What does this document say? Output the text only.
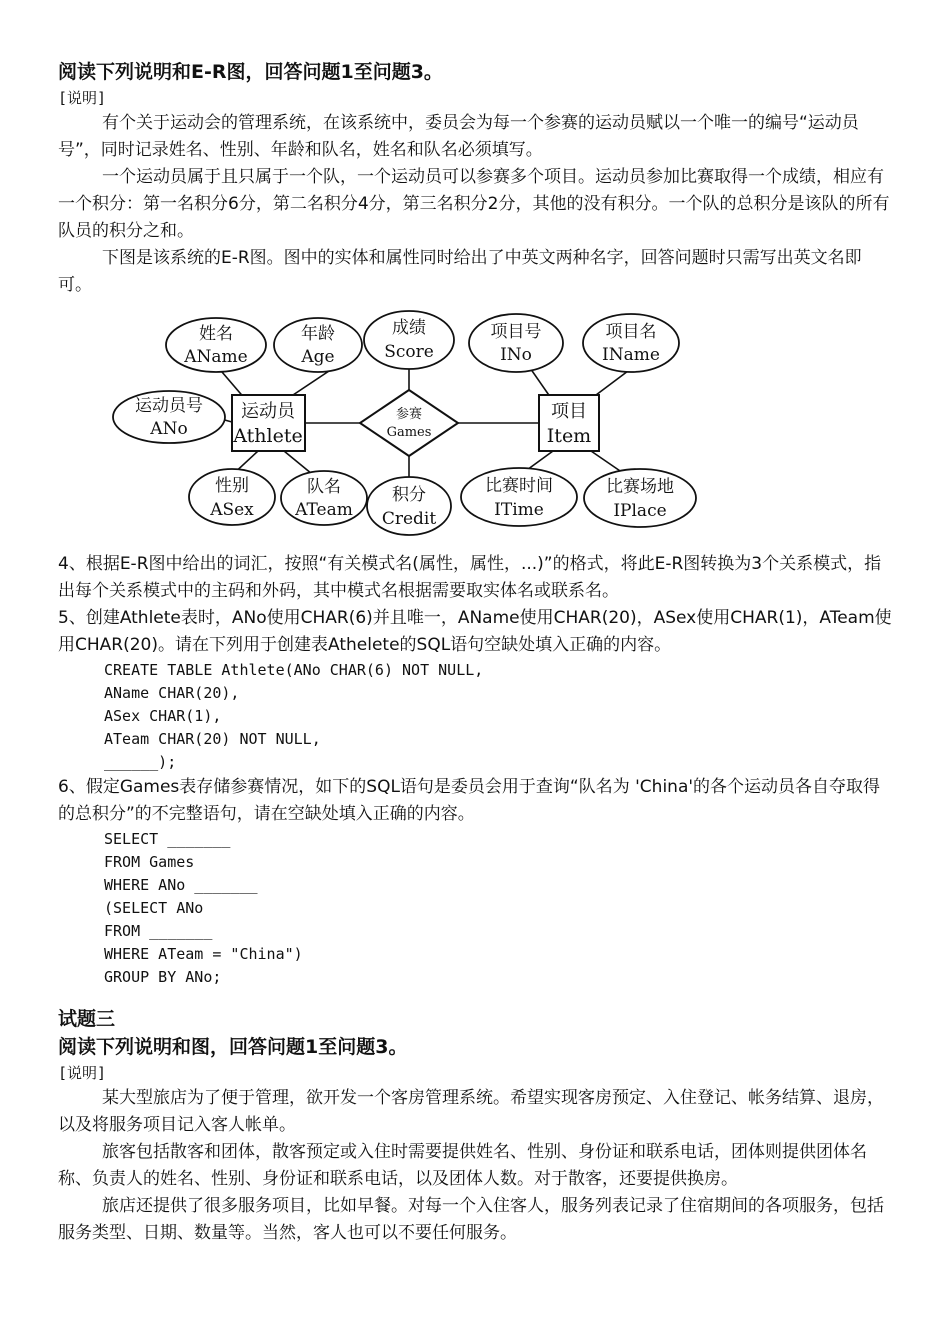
阅读下列说明和E-R图，回答问题1至问题3。

[说明]

有个关于运动会的管理系统，在该系统中，委员会为每一个参赛的运动员赋以一个唯一的编号“运动员号”，同时记录姓名、性别、年龄和队名，姓名和队名必须填写。

一个运动员属于且只属于一个队，一个运动员可以参赛多个项目。运动员参加比赛取得一个成绩，相应有一个积分：第一名积分6分，第二名积分4分，第三名积分2分，其他的没有积分。一个队的总积分是该队的所有队员的积分之和。

下图是该系统的E-R图。图中的实体和属性同时给出了中英文两种名字，回答问题时只需写出英文名即可。

姓名
AName
年龄
Age
成绩
Score
项目号
INo
项目名
IName
运动员号
ANo
性别
ASex
队名
ATeam
积分
Credit
比赛时间
ITime
比赛场地
IPlace
运动员
Athlete
项目
Item
参赛
Games

4、根据E-R图中给出的词汇，按照“有关模式名(属性，属性，...)”的格式，将此E-R图转换为3个关系模式，指出每个关系模式中的主码和外码，其中模式名根据需要取实体名或联系名。

5、创建Athlete表时，ANo使用CHAR(6)并且唯一，AName使用CHAR(20)，ASex使用CHAR(1)，ATeam使用CHAR(20)。请在下列用于创建表Athelete的SQL语句空缺处填入正确的内容。

CREATE TABLE Athlete(ANo CHAR(6) NOT NULL,

AName CHAR(20),

ASex CHAR(1),

ATeam CHAR(20) NOT NULL,

______);

6、假定Games表存储参赛情况，如下的SQL语句是委员会用于查询“队名为 'China'的各个运动员各自夺取得的总积分”的不完整语句，请在空缺处填入正确的内容。

SELECT _______

FROM Games

WHERE ANo _______

(SELECT ANo

FROM _______

WHERE ATeam = "China")

GROUP BY ANo;

试题三

阅读下列说明和图，回答问题1至问题3。

[说明]

某大型旅店为了便于管理，欲开发一个客房管理系统。希望实现客房预定、入住登记、帐务结算、退房，以及将服务项目记入客人帐单。

旅客包括散客和团体，散客预定或入住时需要提供姓名、性别、身份证和联系电话，团体则提供团体名称、负责人的姓名、性别、身份证和联系电话，以及团体人数。对于散客，还要提供换房。

旅店还提供了很多服务项目，比如早餐。对每一个入住客人，服务列表记录了住宿期间的各项服务，包括服务类型、日期、数量等。当然，客人也可以不要任何服务。
